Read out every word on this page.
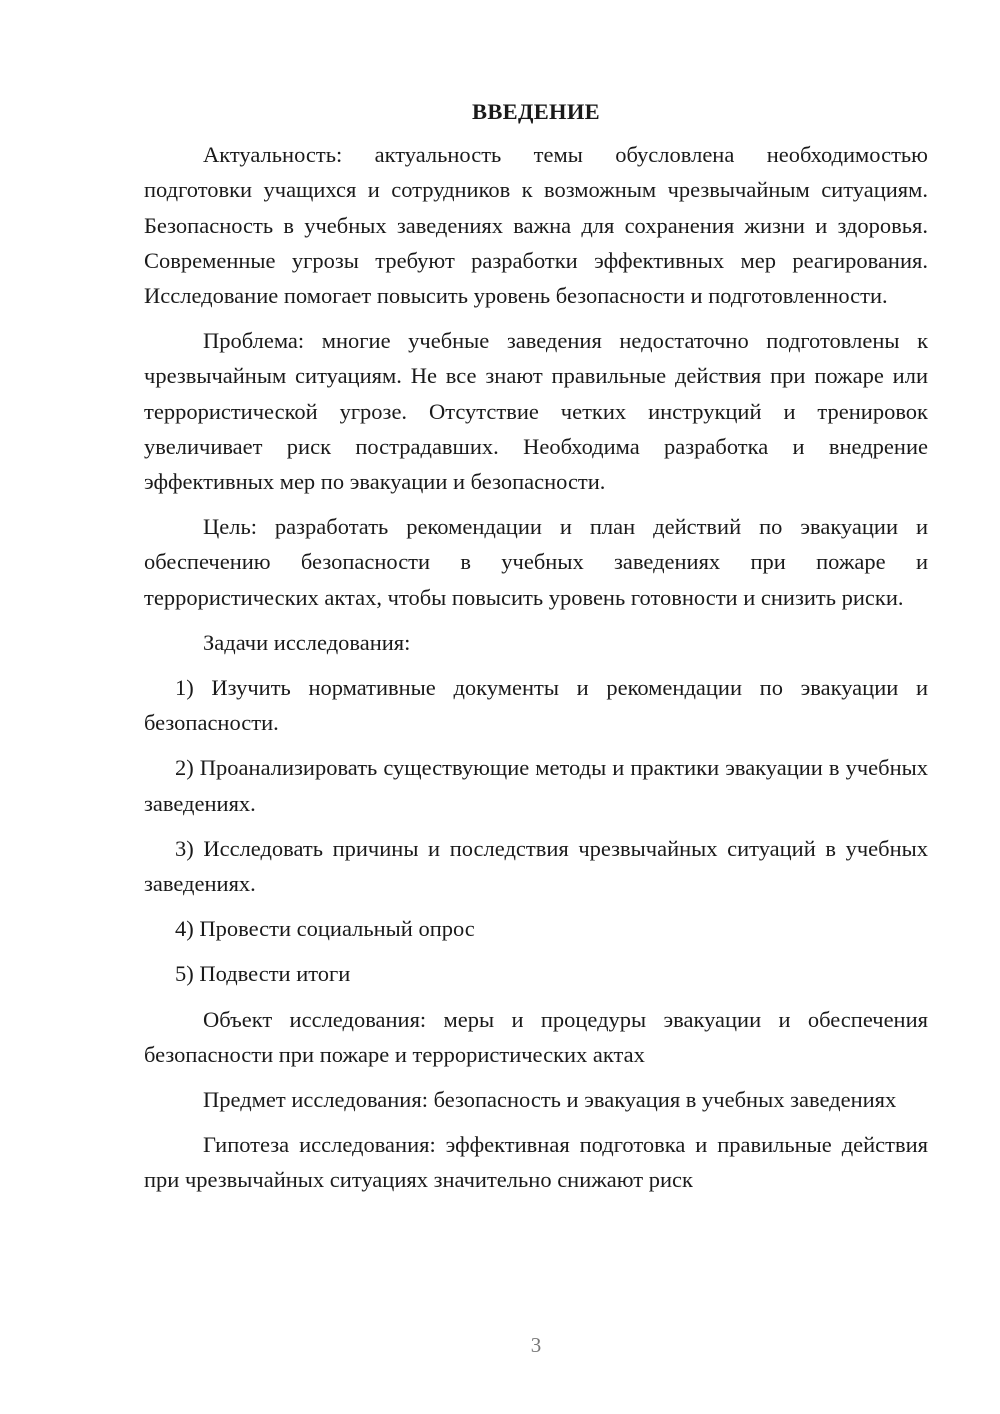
ВВЕДЕНИЕ

Актуальность: актуальность темы обусловлена необходимостью подготовки учащихся и сотрудников к возможным чрезвычайным ситуациям. Безопасность в учебных заведениях важна для сохранения жизни и здоровья. Современные угрозы требуют разработки эффективных мер реагирования. Исследование помогает повысить уровень безопасности и подготовленности.

Проблема: многие учебные заведения недостаточно подготовлены к чрезвычайным ситуациям. Не все знают правильные действия при пожаре или террористической угрозе. Отсутствие четких инструкций и тренировок увеличивает риск пострадавших. Необходима разработка и внедрение эффективных мер по эвакуации и безопасности.

Цель: разработать рекомендации и план действий по эвакуации и обеспечению безопасности в учебных заведениях при пожаре и террористических актах, чтобы повысить уровень готовности и снизить риски.

Задачи исследования:

1) Изучить нормативные документы и рекомендации по эвакуации и безопасности.

2) Проанализировать существующие методы и практики эвакуации в учебных заведениях.

3) Исследовать причины и последствия чрезвычайных ситуаций в учебных заведениях.

4) Провести социальный опрос

5) Подвести итоги

Объект исследования: меры и процедуры эвакуации и обеспечения безопасности при пожаре и террористических актах

Предмет исследования: безопасность и эвакуация в учебных заведениях

Гипотеза исследования: эффективная подготовка и правильные действия при чрезвычайных ситуациях значительно снижают риск

3
